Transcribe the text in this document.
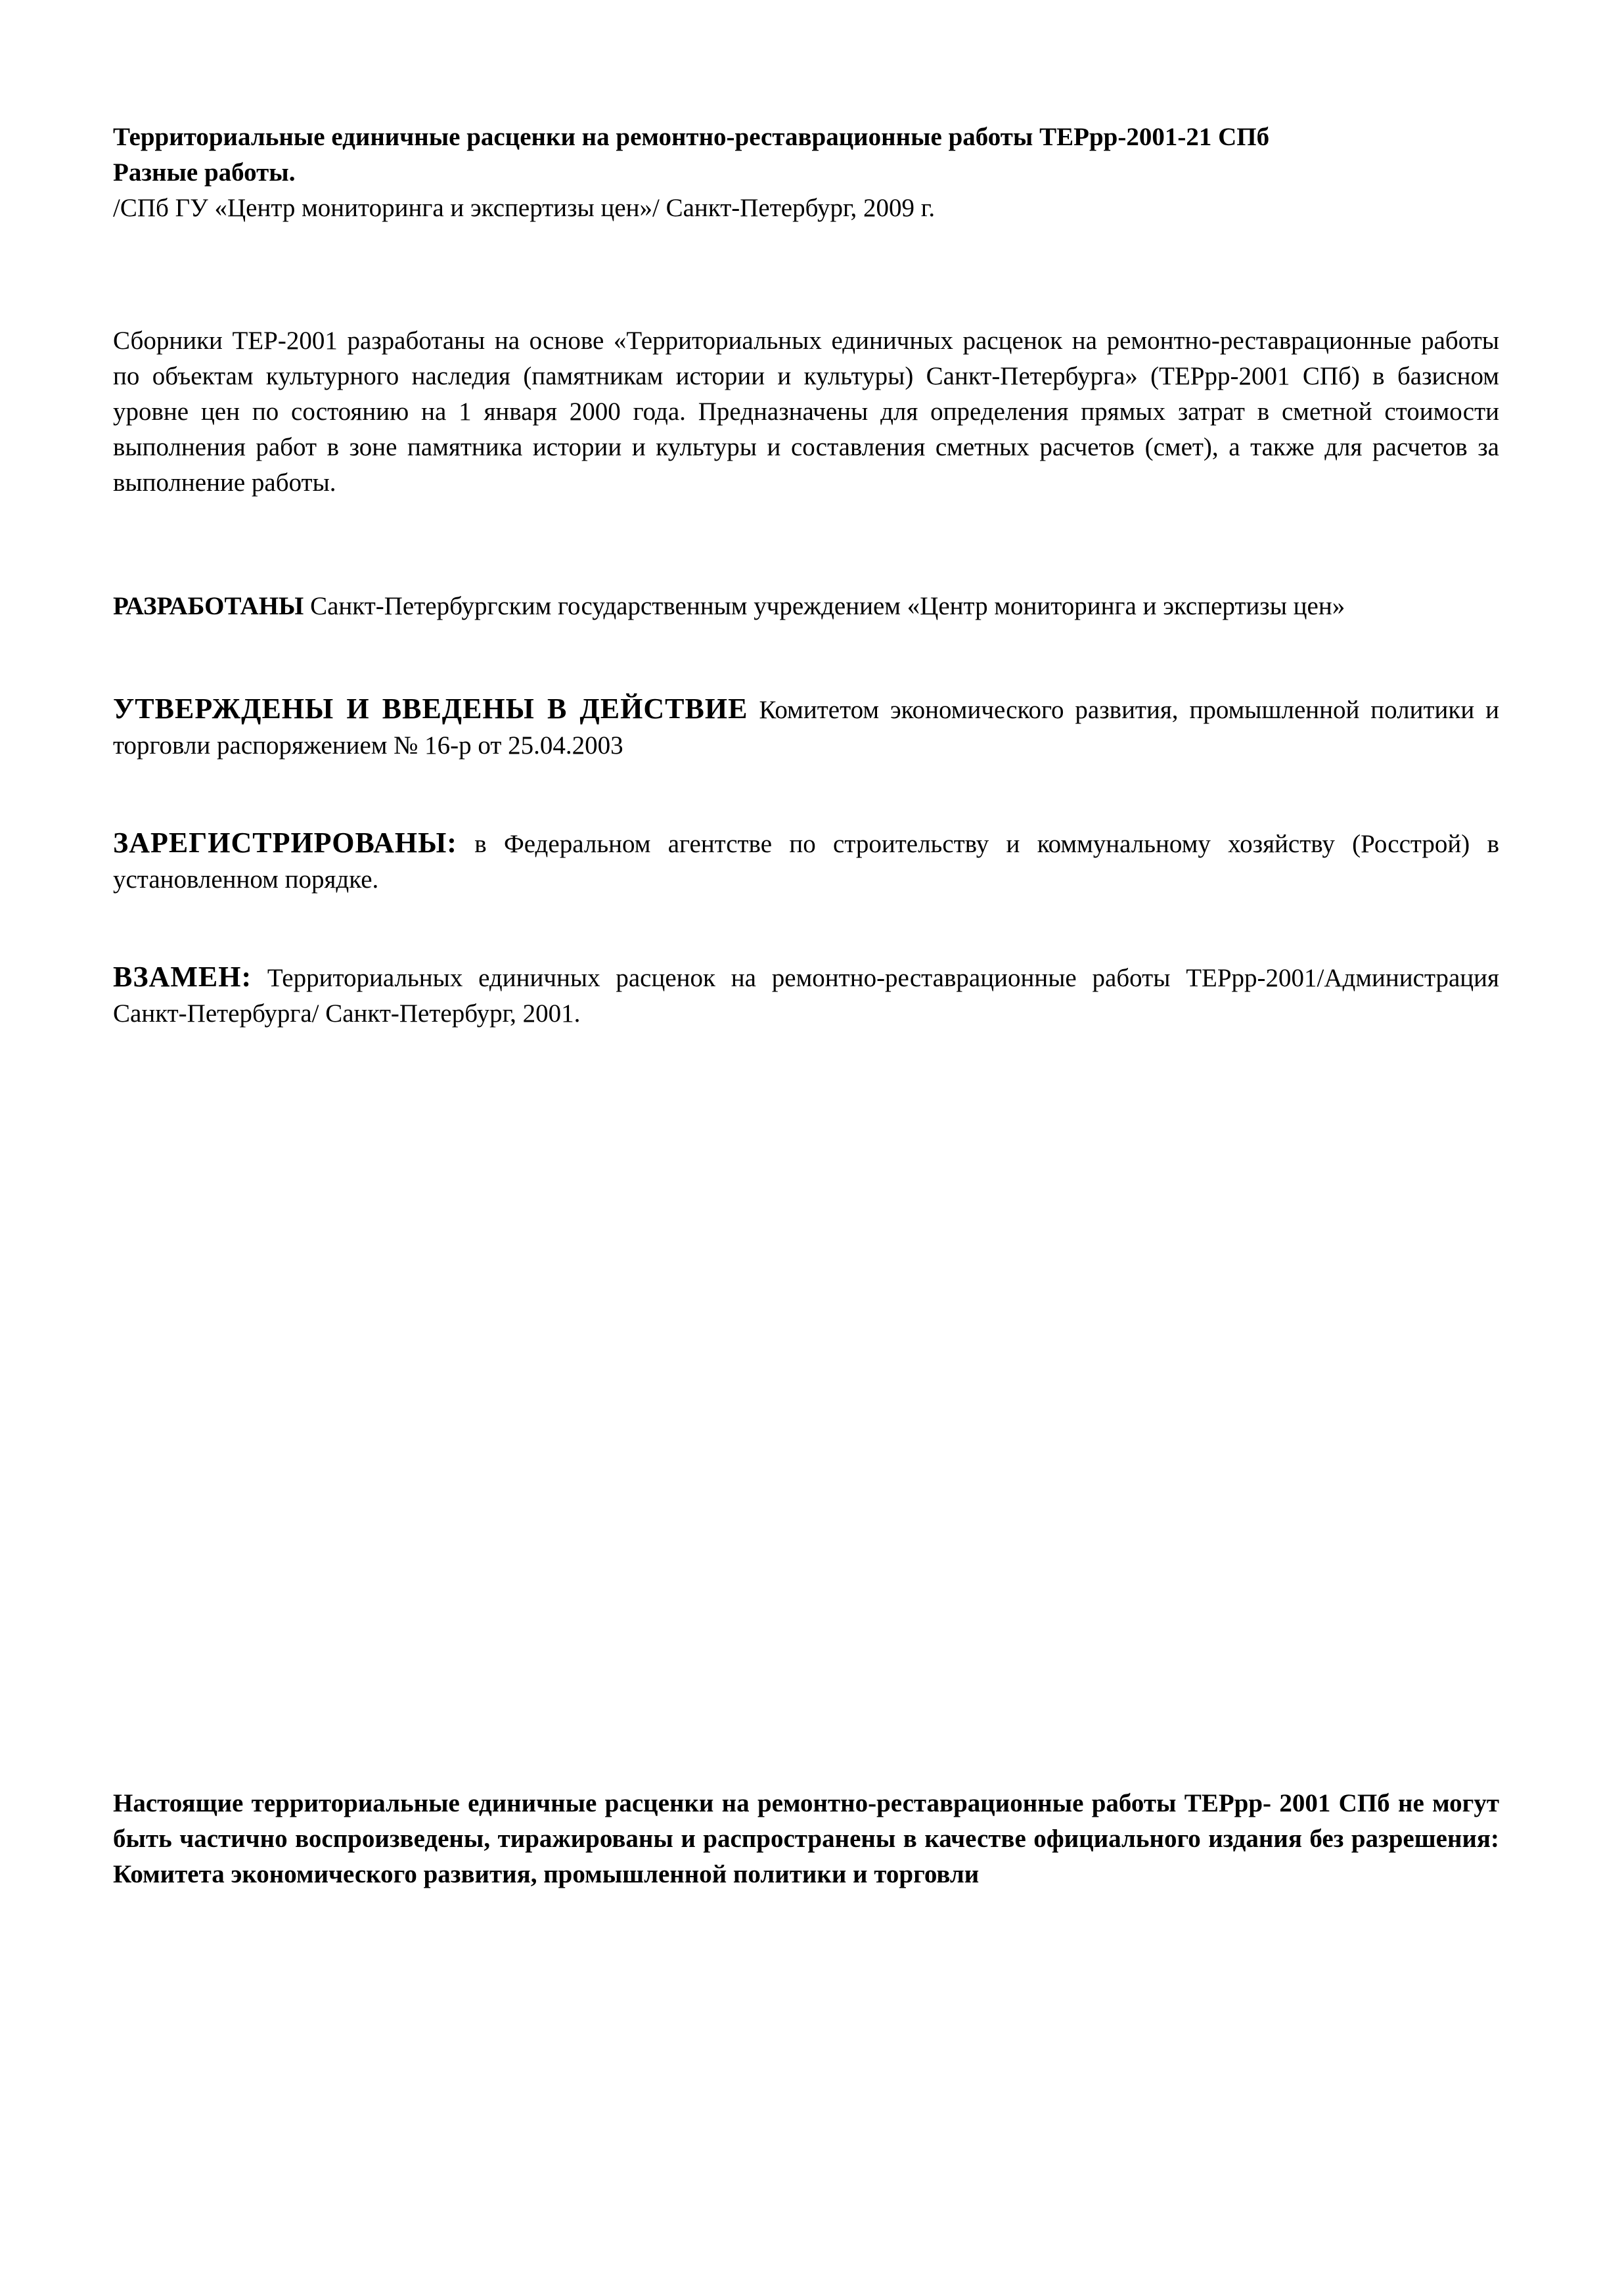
Территориальные единичные расценки на ремонтно-реставрационные работы ТЕРрр-2001-21 СПб
Разные работы.
/СПб ГУ «Центр мониторинга и экспертизы цен»/ Санкт-Петербург, 2009 г.

Сборники ТЕР-2001 разработаны на основе «Территориальных единичных расценок на ремонтно-реставрационные работы по объектам культурного наследия (памятникам истории и культуры) Санкт-Петербурга» (ТЕРрр-2001 СПб) в базисном уровне цен по состоянию на 1 января 2000 года. Предназначены для определения прямых затрат в сметной стоимости выполнения работ в зоне памятника истории и культуры и составления сметных расчетов (смет), а также для расчетов за выполнение работы.

РАЗРАБОТАНЫ Санкт-Петербургским государственным учреждением «Центр мониторинга и экспертизы цен»

УТВЕРЖДЕНЫ И ВВЕДЕНЫ В ДЕЙСТВИЕ Комитетом экономического развития, промышленной политики и торговли распоряжением № 16-р от 25.04.2003

ЗАРЕГИСТРИРОВАНЫ: в Федеральном агентстве по строительству и коммунальному хозяйству (Росстрой) в установленном порядке.

ВЗАМЕН: Территориальных единичных расценок на ремонтно-реставрационные работы ТЕРрр-2001/Администрация Санкт-Петербурга/ Санкт-Петербург, 2001.

Настоящие территориальные единичные расценки на ремонтно-реставрационные работы ТЕРрр- 2001 СПб не могут быть частично воспроизведены, тиражированы и распространены в качестве официального издания без разрешения: Комитета экономического развития, промышленной политики и торговли
